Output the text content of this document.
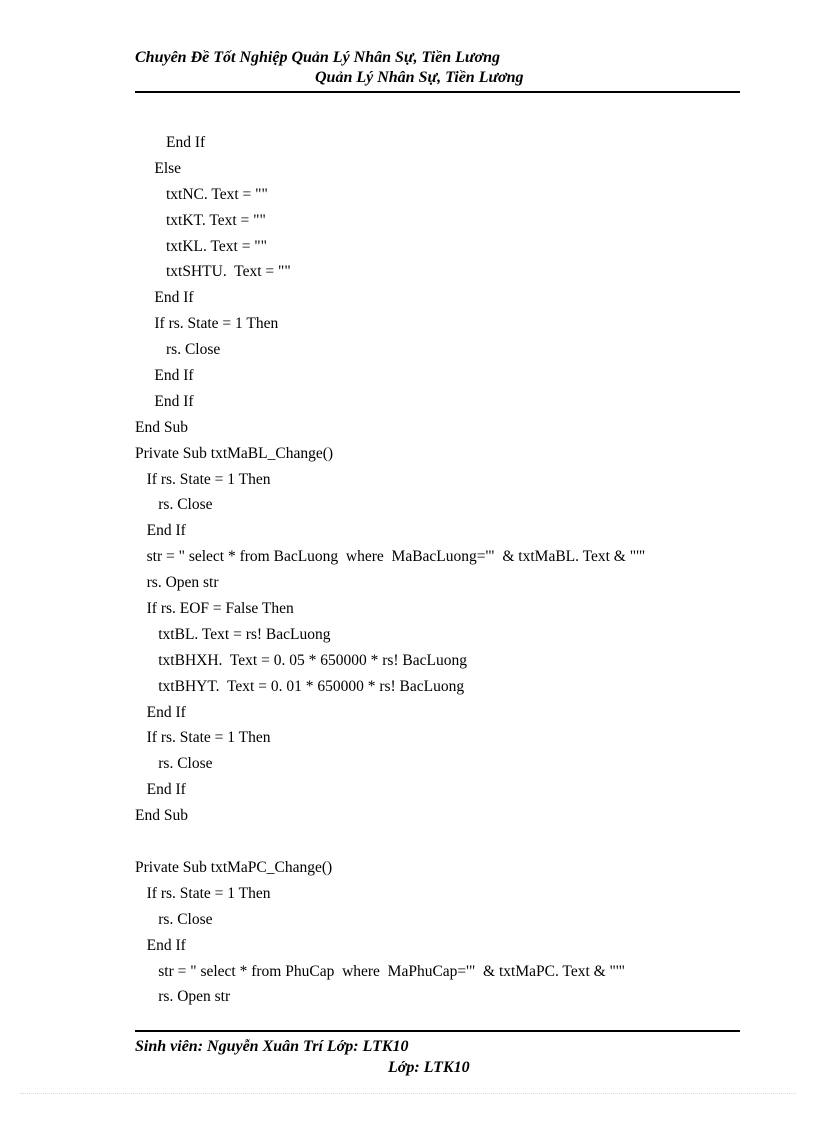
Chuyên Đề Tốt Nghiệp Quản Lý Nhân Sự, Tiền Lương
Quản Lý Nhân Sự, Tiền Lương
End If
Else
txtNC. Text = ""
txtKT. Text = ""
txtKL. Text = ""
txtSHTU.  Text = ""
End If
If rs. State = 1 Then
rs. Close
End If
End If
End Sub
Private Sub txtMaBL_Change()
If rs. State = 1 Then
rs. Close
End If
str = " select * from BacLuong  where  MaBacLuong='"  & txtMaBL. Text & "'"
rs. Open str
If rs. EOF = False Then
txtBL. Text = rs! BacLuong
txtBHXH.  Text = 0. 05 * 650000 * rs! BacLuong
txtBHYT.  Text = 0. 01 * 650000 * rs! BacLuong
End If
If rs. State = 1 Then
rs. Close
End If
End Sub
Private Sub txtMaPC_Change()
If rs. State = 1 Then
rs. Close
End If
str = " select * from PhuCap  where  MaPhuCap='"  & txtMaPC. Text & "'"
rs. Open str
Sinh viên: Nguyễn Xuân Trí Lớp: LTK10
Lớp: LTK10
